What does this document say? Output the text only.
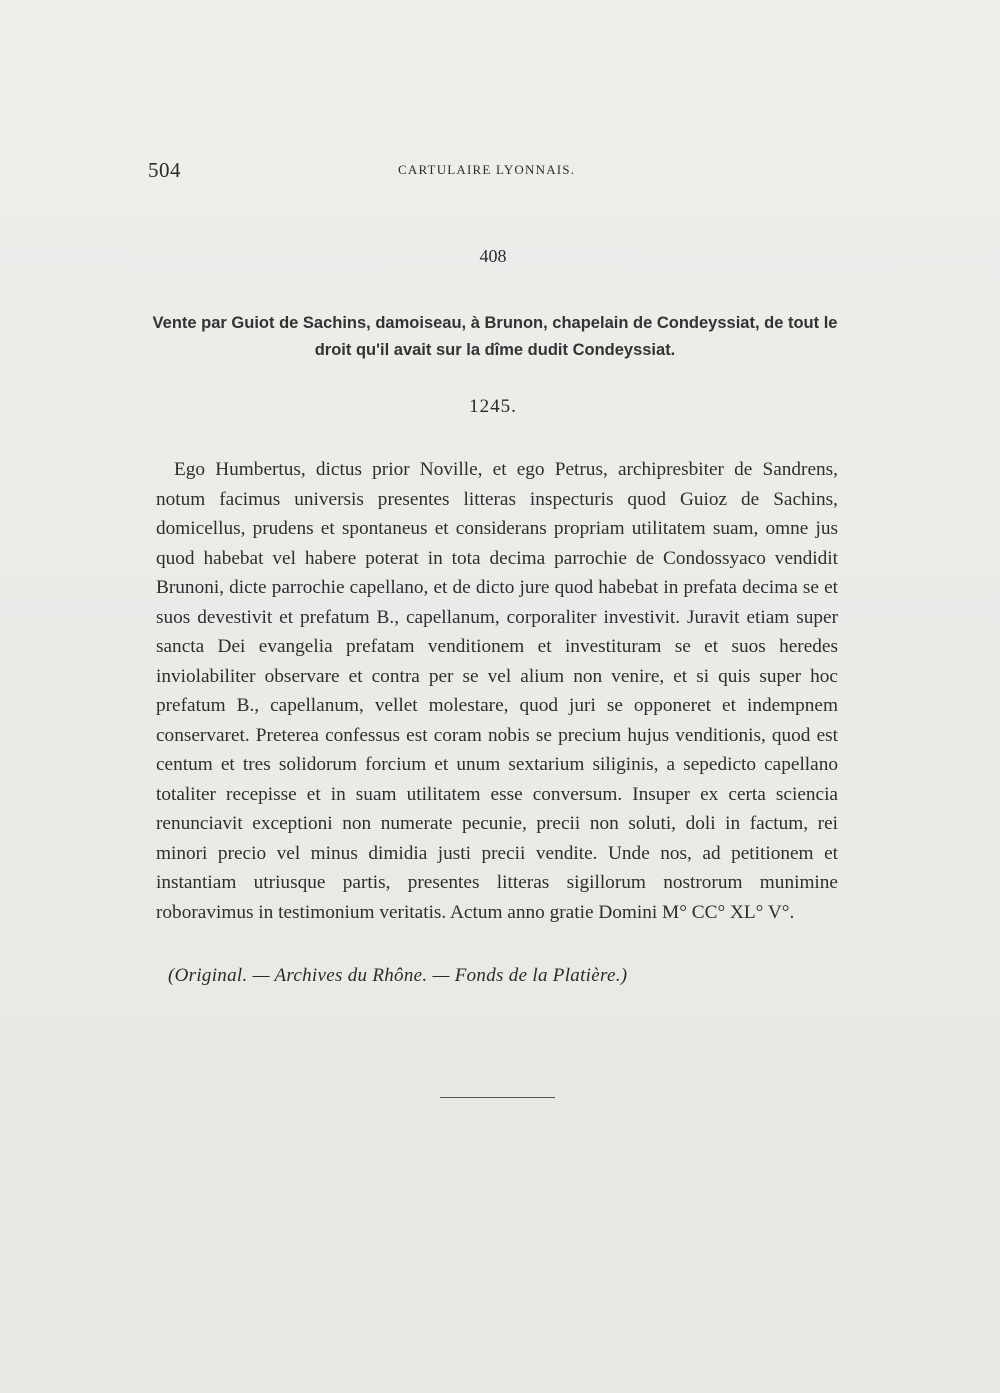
504	CARTULAIRE LYONNAIS.
408
Vente par Guiot de Sachins, damoiseau, à Brunon, chapelain de Condeyssiat, de tout le droit qu'il avait sur la dîme dudit Condeyssiat.
1245.

Ego Humbertus, dictus prior Noville, et ego Petrus, archipresbiter de Sandrens, notum facimus universis presentes litteras inspecturis quod Guioz de Sachins, domicellus, prudens et spontaneus et considerans propriam utilitatem suam, omne jus quod habebat vel habere poterat in tota decima parrochie de Condossyaco vendidit Brunoni, dicte parrochie capellano, et de dicto jure quod habebat in prefata decima se et suos devestivit et prefatum B., capellanum, corporaliter investivit. Juravit etiam super sancta Dei evangelia prefatam venditionem et investituram se et suos heredes inviolabiliter observare et contra per se vel alium non venire, et si quis super hoc prefatum B., capellanum, vellet molestare, quod juri se opponeret et indempnem conservaret. Preterea confessus est coram nobis se precium hujus venditionis, quod est centum et tres solidorum forcium et unum sextarium siliginis, a sepedicto capellano totaliter recepisse et in suam utilitatem esse conversum. Insuper ex certa sciencia renunciavit exceptioni non numerate pecunie, precii non soluti, doli in factum, rei minori precio vel minus dimidia justi precii vendite. Unde nos, ad petitionem et instantiam utriusque partis, presentes litteras sigillorum nostrorum munimine roboravimus in testimonium veritatis. Actum anno gratie Domini M° CC° XL° V°.

(Original. — Archives du Rhône. — Fonds de la Platière.)
